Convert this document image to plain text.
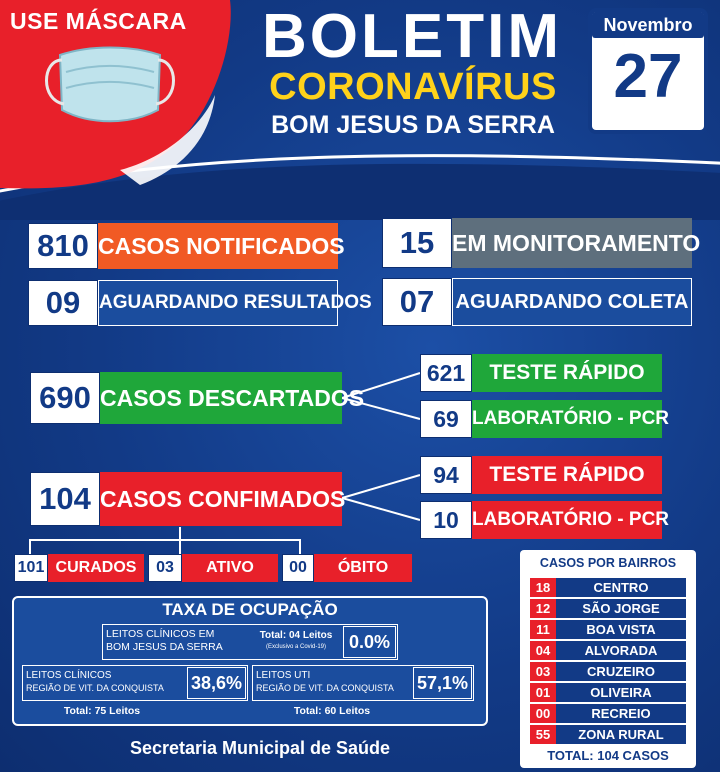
USE MÁSCARA	BOLETIM
CORONAVÍRUS
BOM JESUS DA SERRA
Novembro
27
810 CASOS NOTIFICADOS
09 AGUARDANDO RESULTADOS
15 EM MONITORAMENTO
07	AGUARDANDO COLETA
690 CASOS DESCARTADOS
621	TESTE RÁPIDO
69 LABORATÓRIO - PCR
104 CASOS CONFIMADOS
94	TESTE RÁPIDO
10 LABORATÓRIO - PCR
101 CURADOS	03	ATIVO	00	ÓBITO
TAXA DE OCUPAÇÃO
LEITOS CLÍNICOS EM
BOM JESUS DA SERRA
Total: 04 Leitos
(Exclusivo a Covid-19)	0.0%
LEITOS CLÍNICOS
REGIÃO DE VIT. DA CONQUISTA	38,6%
Total: 75 Leitos
LEITOS UTI
REGIÃO DE VIT. DA CONQUISTA	57,1%
Total: 60 Leitos
Secretaria Municipal de Saúde
CASOS POR BAIRROS
18	CENTRO
12	SÃO JORGE
11	BOA VISTA
04	ALVORADA
03	CRUZEIRO
01	OLIVEIRA
00	RECREIO
55	ZONA RURAL
TOTAL: 104 CASOS
